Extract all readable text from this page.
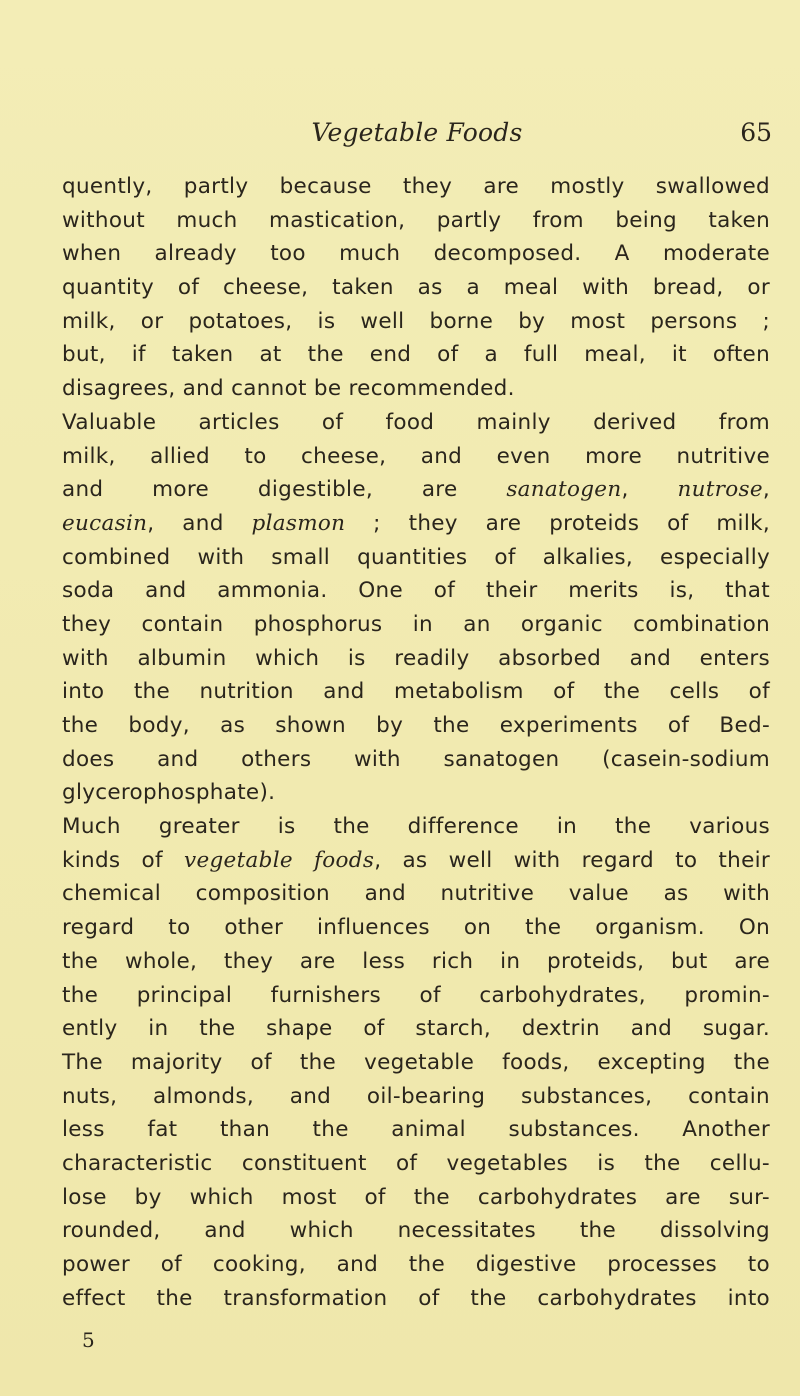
Vegetable Foods	65
quently, partly because they are mostly swallowed
without much mastication, partly from being taken
when already too much decomposed. A moderate
quantity of cheese, taken as a meal with bread, or
milk, or potatoes, is well borne by most persons ;
but, if taken at the end of a full meal, it often
disagrees, and cannot be recommended.
Valuable articles of food mainly derived from
milk, allied to cheese, and even more nutritive
and more digestible, are sanatogen, nutrose,
eucasin, and plasmon ; they are proteids of milk,
combined with small quantities of alkalies, especially
soda and ammonia. One of their merits is, that
they contain phosphorus in an organic combination
with albumin which is readily absorbed and enters
into the nutrition and metabolism of the cells of
the body, as shown by the experiments of Bed-
does and others with sanatogen (casein-sodium
glycerophosphate).
Much greater is the difference in the various
kinds of vegetable foods, as well with regard to their
chemical composition and nutritive value as with
regard to other influences on the organism. On
the whole, they are less rich in proteids, but are
the principal furnishers of carbohydrates, promin-
ently in the shape of starch, dextrin and sugar.
The majority of the vegetable foods, excepting the
nuts, almonds, and oil-bearing substances, contain
less fat than the animal substances. Another
characteristic constituent of vegetables is the cellu-
lose by which most of the carbohydrates are sur-
rounded, and which necessitates the dissolving
power of cooking, and the digestive processes to
effect the transformation of the carbohydrates into
5
